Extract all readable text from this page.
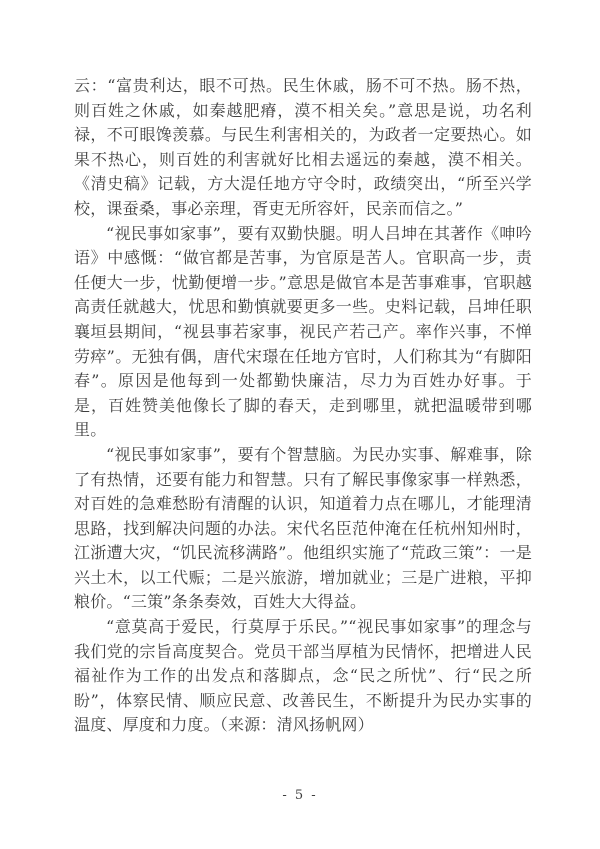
云：“富贵利达，眼不可热。民生休戚，肠不可不热。肠不热，则百姓之休戚，如秦越肥瘠，漠不相关矣。”意思是说，功名利禄，不可眼馋羡慕。与民生利害相关的，为政者一定要热心。如果不热心，则百姓的利害就好比相去遥远的秦越，漠不相关。《清史稿》记载，方大湜任地方守令时，政绩突出，“所至兴学校，课蚕桑，事必亲理，胥吏无所容奸，民亲而信之。”

“视民事如家事”，要有双勤快腿。明人吕坤在其著作《呻吟语》中感慨：“做官都是苦事，为官原是苦人。官职高一步，责任便大一步，忧勤便增一步。”意思是做官本是苦事难事，官职越高责任就越大，忧思和勤慎就要更多一些。史料记载，吕坤任职襄垣县期间，“视县事若家事，视民产若己产。率作兴事，不惮劳瘁”。无独有偶，唐代宋璟在任地方官时，人们称其为“有脚阳春”。原因是他每到一处都勤快廉洁，尽力为百姓办好事。于是，百姓赞美他像长了脚的春天，走到哪里，就把温暖带到哪里。

“视民事如家事”，要有个智慧脑。为民办实事、解难事，除了有热情，还要有能力和智慧。只有了解民事像家事一样熟悉，对百姓的急难愁盼有清醒的认识，知道着力点在哪儿，才能理清思路，找到解决问题的办法。宋代名臣范仲淹在任杭州知州时，江浙遭大灾，“饥民流移满路”。他组织实施了“荒政三策”：一是兴土木，以工代赈；二是兴旅游，增加就业；三是广进粮，平抑粮价。“三策”条条奏效，百姓大大得益。

“意莫高于爱民，行莫厚于乐民。”“视民事如家事”的理念与我们党的宗旨高度契合。党员干部当厚植为民情怀，把增进人民福祉作为工作的出发点和落脚点，念“民之所忧”、行“民之所盼”，体察民情、顺应民意、改善民生，不断提升为民办实事的温度、厚度和力度。（来源：清风扬帆网）

- 5 -
